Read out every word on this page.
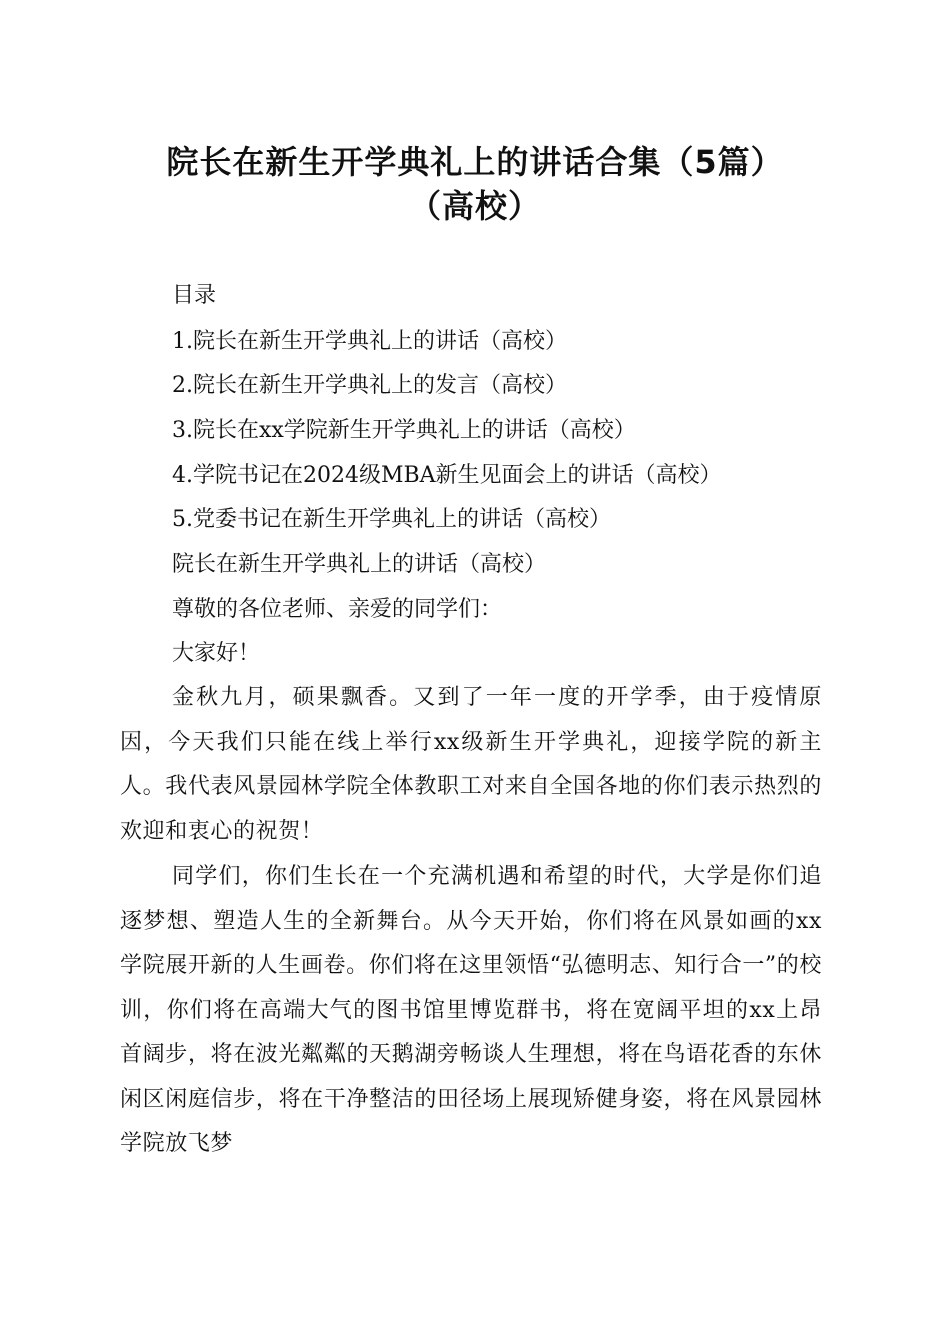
院长在新生开学典礼上的讲话合集（5篇）
（高校）

目录

1.院长在新生开学典礼上的讲话（高校）

2.院长在新生开学典礼上的发言（高校）

3.院长在xx学院新生开学典礼上的讲话（高校）

4.学院书记在2024级MBA新生见面会上的讲话（高校）

5.党委书记在新生开学典礼上的讲话（高校）

院长在新生开学典礼上的讲话（高校）

尊敬的各位老师、亲爱的同学们：

大家好！

金秋九月，硕果飘香。又到了一年一度的开学季，由于疫情原因，今天我们只能在线上举行xx级新生开学典礼，迎接学院的新主人。我代表风景园林学院全体教职工对来自全国各地的你们表示热烈的欢迎和衷心的祝贺！

同学们，你们生长在一个充满机遇和希望的时代，大学是你们追逐梦想、塑造人生的全新舞台。从今天开始，你们将在风景如画的xx学院展开新的人生画卷。你们将在这里领悟“弘德明志、知行合一”的校训，你们将在高端大气的图书馆里博览群书，将在宽阔平坦的xx上昂首阔步，将在波光粼粼的天鹅湖旁畅谈人生理想，将在鸟语花香的东休闲区闲庭信步，将在干净整洁的田径场上展现矫健身姿，将在风景园林学院放飞梦
